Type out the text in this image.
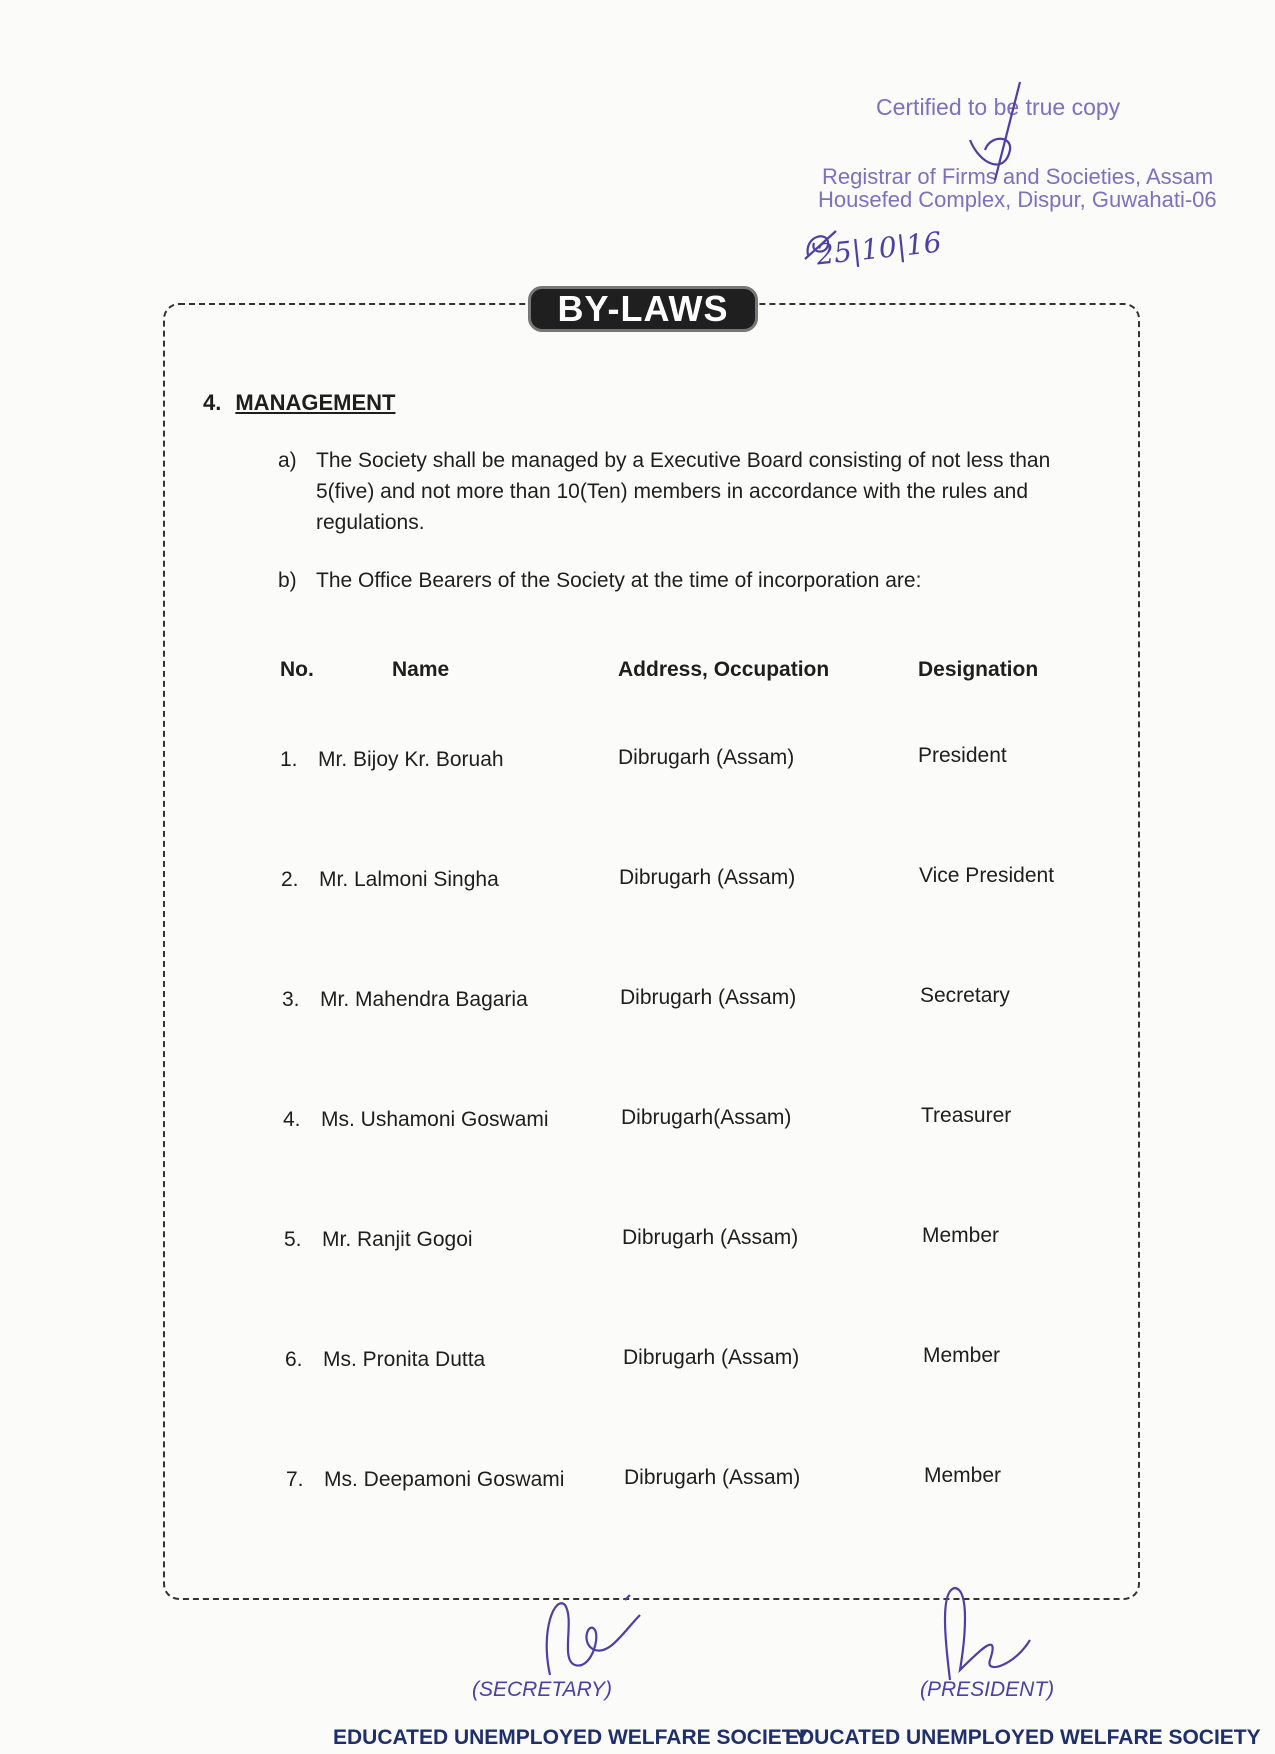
Certified to be true copy
Registrar of Firms and Societies, Assam
Housefed Complex, Dispur, Guwahati-06
25|10|16
BY-LAWS
4. MANAGEMENT
a) The Society shall be managed by a Executive Board consisting of not less than 5(five) and not more than 10(Ten) members in accordance with the rules and regulations.
b) The Office Bearers of the Society at the time of incorporation are:
No.	Name	Address, Occupation	Designation
1. Mr. Bijoy Kr. Boruah	Dibrugarh (Assam)	President
2. Mr. Lalmoni Singha	Dibrugarh (Assam)	Vice President
3. Mr. Mahendra Bagaria	Dibrugarh (Assam)	Secretary
4. Ms. Ushamoni Goswami	Dibrugarh(Assam)	Treasurer
5. Mr. Ranjit Gogoi	Dibrugarh (Assam)	Member
6. Ms. Pronita Dutta	Dibrugarh (Assam)	Member
7. Ms. Deepamoni Goswami	Dibrugarh (Assam)	Member
(SECRETARY)	(PRESIDENT)
EDUCATED UNEMPLOYED WELFARE SOCIETY
EDUCATED UNEMPLOYED WELFARE SOCIETY
